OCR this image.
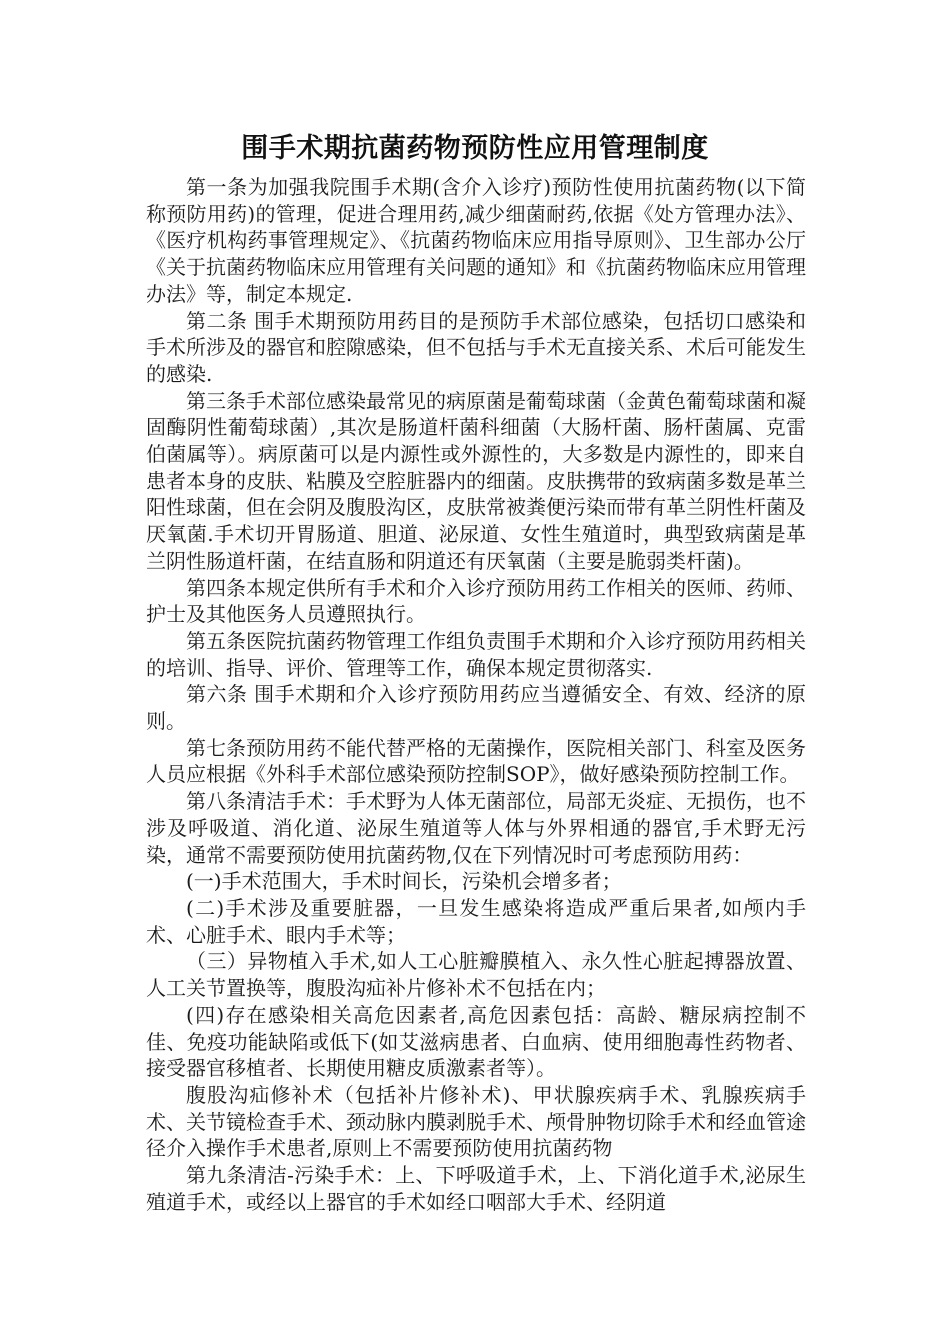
围手术期抗菌药物预防性应用管理制度

第一条为加强我院围手术期(含介入诊疗)预防性使用抗菌药物(以下简称预防用药)的管理，促进合理用药,减少细菌耐药,依据《处方管理办法》、《医疗机构药事管理规定》、《抗菌药物临床应用指导原则》、卫生部办公厅《关于抗菌药物临床应用管理有关问题的通知》和《抗菌药物临床应用管理办法》等，制定本规定.

第二条 围手术期预防用药目的是预防手术部位感染，包括切口感染和手术所涉及的器官和腔隙感染，但不包括与手术无直接关系、术后可能发生的感染.

第三条手术部位感染最常见的病原菌是葡萄球菌（金黄色葡萄球菌和凝固酶阴性葡萄球菌）,其次是肠道杆菌科细菌（大肠杆菌、肠杆菌属、克雷伯菌属等）。病原菌可以是内源性或外源性的，大多数是内源性的，即来自患者本身的皮肤、粘膜及空腔脏器内的细菌。皮肤携带的致病菌多数是革兰阳性球菌，但在会阴及腹股沟区，皮肤常被粪便污染而带有革兰阴性杆菌及厌氧菌.手术切开胃肠道、胆道、泌尿道、女性生殖道时，典型致病菌是革兰阴性肠道杆菌，在结直肠和阴道还有厌氧菌（主要是脆弱类杆菌)。

第四条本规定供所有手术和介入诊疗预防用药工作相关的医师、药师、护士及其他医务人员遵照执行。

第五条医院抗菌药物管理工作组负责围手术期和介入诊疗预防用药相关的培训、指导、评价、管理等工作，确保本规定贯彻落实.

第六条 围手术期和介入诊疗预防用药应当遵循安全、有效、经济的原则。

第七条预防用药不能代替严格的无菌操作，医院相关部门、科室及医务人员应根据《外科手术部位感染预防控制SOP》，做好感染预防控制工作。

第八条清洁手术：手术野为人体无菌部位，局部无炎症、无损伤，也不涉及呼吸道、消化道、泌尿生殖道等人体与外界相通的器官,手术野无污染，通常不需要预防使用抗菌药物,仅在下列情况时可考虑预防用药：

(一)手术范围大，手术时间长，污染机会增多者；

(二)手术涉及重要脏器，一旦发生感染将造成严重后果者,如颅内手术、心脏手术、眼内手术等；

（三）异物植入手术,如人工心脏瓣膜植入、永久性心脏起搏器放置、人工关节置换等，腹股沟疝补片修补术不包括在内；

(四)存在感染相关高危因素者,高危因素包括：高龄、糖尿病控制不佳、免疫功能缺陷或低下(如艾滋病患者、白血病、使用细胞毒性药物者、接受器官移植者、长期使用糖皮质激素者等）。

腹股沟疝修补术（包括补片修补术)、甲状腺疾病手术、乳腺疾病手术、关节镜检查手术、颈动脉内膜剥脱手术、颅骨肿物切除手术和经血管途径介入操作手术患者,原则上不需要预防使用抗菌药物

第九条清洁-污染手术：上、下呼吸道手术，上、下消化道手术,泌尿生殖道手术，或经以上器官的手术如经口咽部大手术、经阴道
